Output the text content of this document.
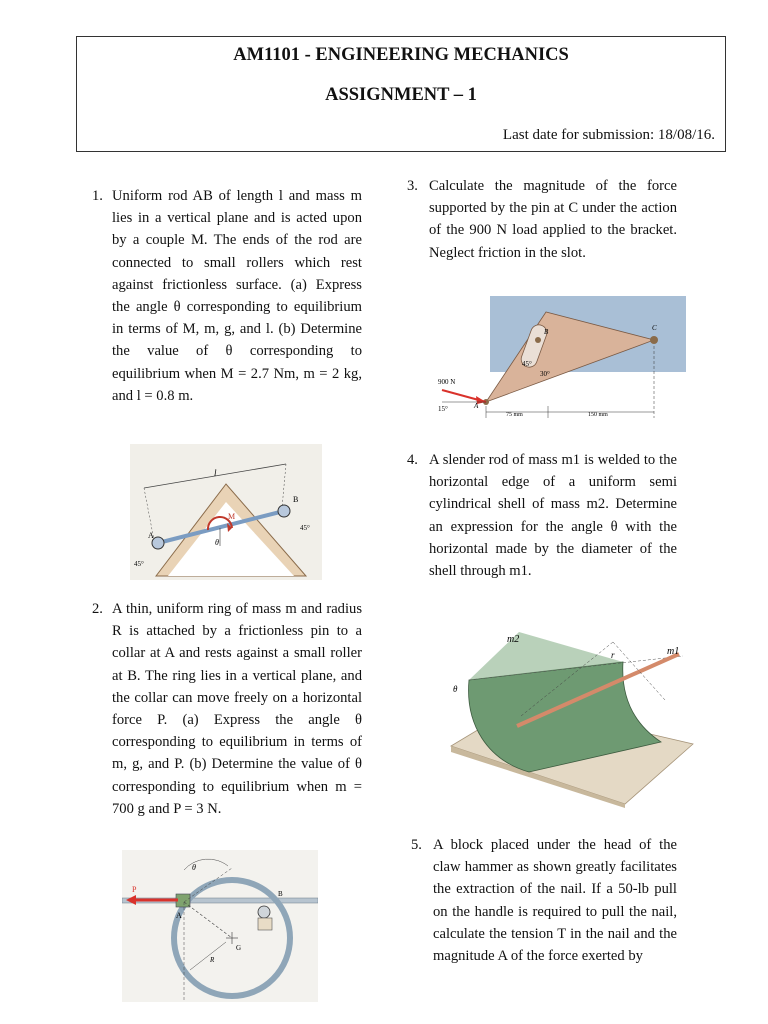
AM1101 - ENGINEERING MECHANICS
ASSIGNMENT – 1
Last date for submission: 18/08/16.
1. Uniform rod AB of length l and mass m lies in a vertical plane and is acted upon by a couple M. The ends of the rod are connected to small rollers which rest against frictionless surface. (a) Express the angle θ corresponding to equilibrium in terms of M, m, g, and l. (b) Determine the value of θ corresponding to equilibrium when M = 2.7 Nm, m = 2 kg, and l = 0.8 m.
l
A
B
M
θ
45°
45°
2. A thin, uniform ring of mass m and radius R is attached by a frictionless pin to a collar at A and rests against a small roller at B. The ring lies in a vertical plane, and the collar can move freely on a horizontal force P. (a) Express the angle θ corresponding to equilibrium in terms of m, g, and P. (b) Determine the value of θ corresponding to equilibrium when m = 700 g and P = 3 N.
P
A
B
G
R
θ
3. Calculate the magnitude of the force supported by the pin at C under the action of the 900 N load applied to the bracket. Neglect friction in the slot.
900 N
15°
45°
30°
A
B	C
75 mm	150 mm
4. A slender rod of mass m1 is welded to the horizontal edge of a uniform semi cylindrical shell of mass m2. Determine an expression for the angle θ with the horizontal made by the diameter of the shell through m1.
m2
m1
r
θ
5. A block placed under the head of the claw hammer as shown greatly facilitates the extraction of the nail. If a 50-lb pull on the handle is required to pull the nail, calculate the tension T in the nail and the magnitude A of the force exerted by
